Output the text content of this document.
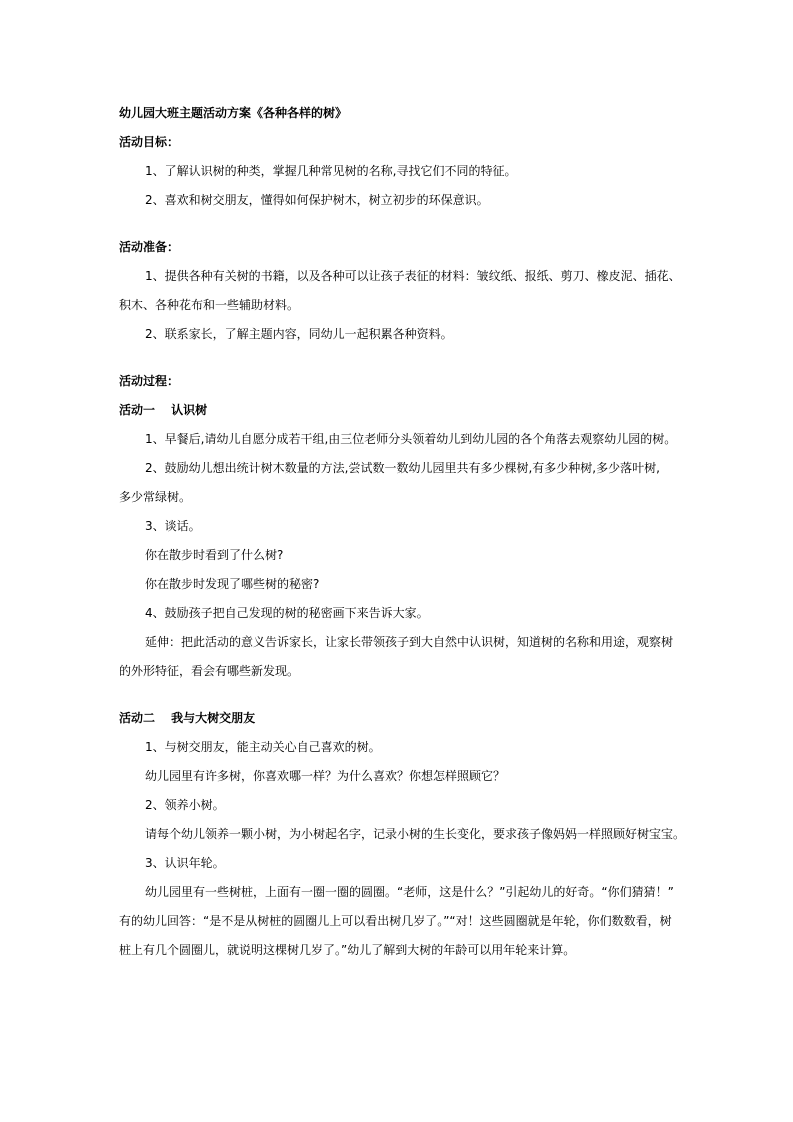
幼儿园大班主题活动方案《各种各样的树》
活动目标：
1、了解认识树的种类，掌握几种常见树的名称,寻找它们不同的特征。
2、喜欢和树交朋友，懂得如何保护树木，树立初步的环保意识。
活动准备：
1、提供各种有关树的书籍，以及各种可以让孩子表征的材料：皱纹纸、报纸、剪刀、橡皮泥、插花、
积木、各种花布和一些辅助材料。
2、联系家长，了解主题内容，同幼儿一起积累各种资料。
活动过程：
活动一　 认识树
1、早餐后,请幼儿自愿分成若干组,由三位老师分头领着幼儿到幼儿园的各个角落去观察幼儿园的树。
2、鼓励幼儿想出统计树木数量的方法,尝试数一数幼儿园里共有多少棵树,有多少种树,多少落叶树,
多少常绿树。
3、谈话。
你在散步时看到了什么树?
你在散步时发现了哪些树的秘密?
4、鼓励孩子把自己发现的树的秘密画下来告诉大家。
延伸：把此活动的意义告诉家长，让家长带领孩子到大自然中认识树，知道树的名称和用途，观察树
的外形特征，看会有哪些新发现。
活动二　 我与大树交朋友
1、与树交朋友，能主动关心自己喜欢的树。
幼儿园里有许多树，你喜欢哪一样？为什么喜欢？你想怎样照顾它？
2、领养小树。
请每个幼儿领养一颗小树，为小树起名字，记录小树的生长变化，要求孩子像妈妈一样照顾好树宝宝。
3、认识年轮。
幼儿园里有一些树桩，上面有一圈一圈的圆圈。“老师，这是什么？”引起幼儿的好奇。“你们猜猜！”
有的幼儿回答：“是不是从树桩的圆圈儿上可以看出树几岁了。”“对！这些圆圈就是年轮，你们数数看，树
桩上有几个圆圈儿，就说明这棵树几岁了。”幼儿了解到大树的年龄可以用年轮来计算。
